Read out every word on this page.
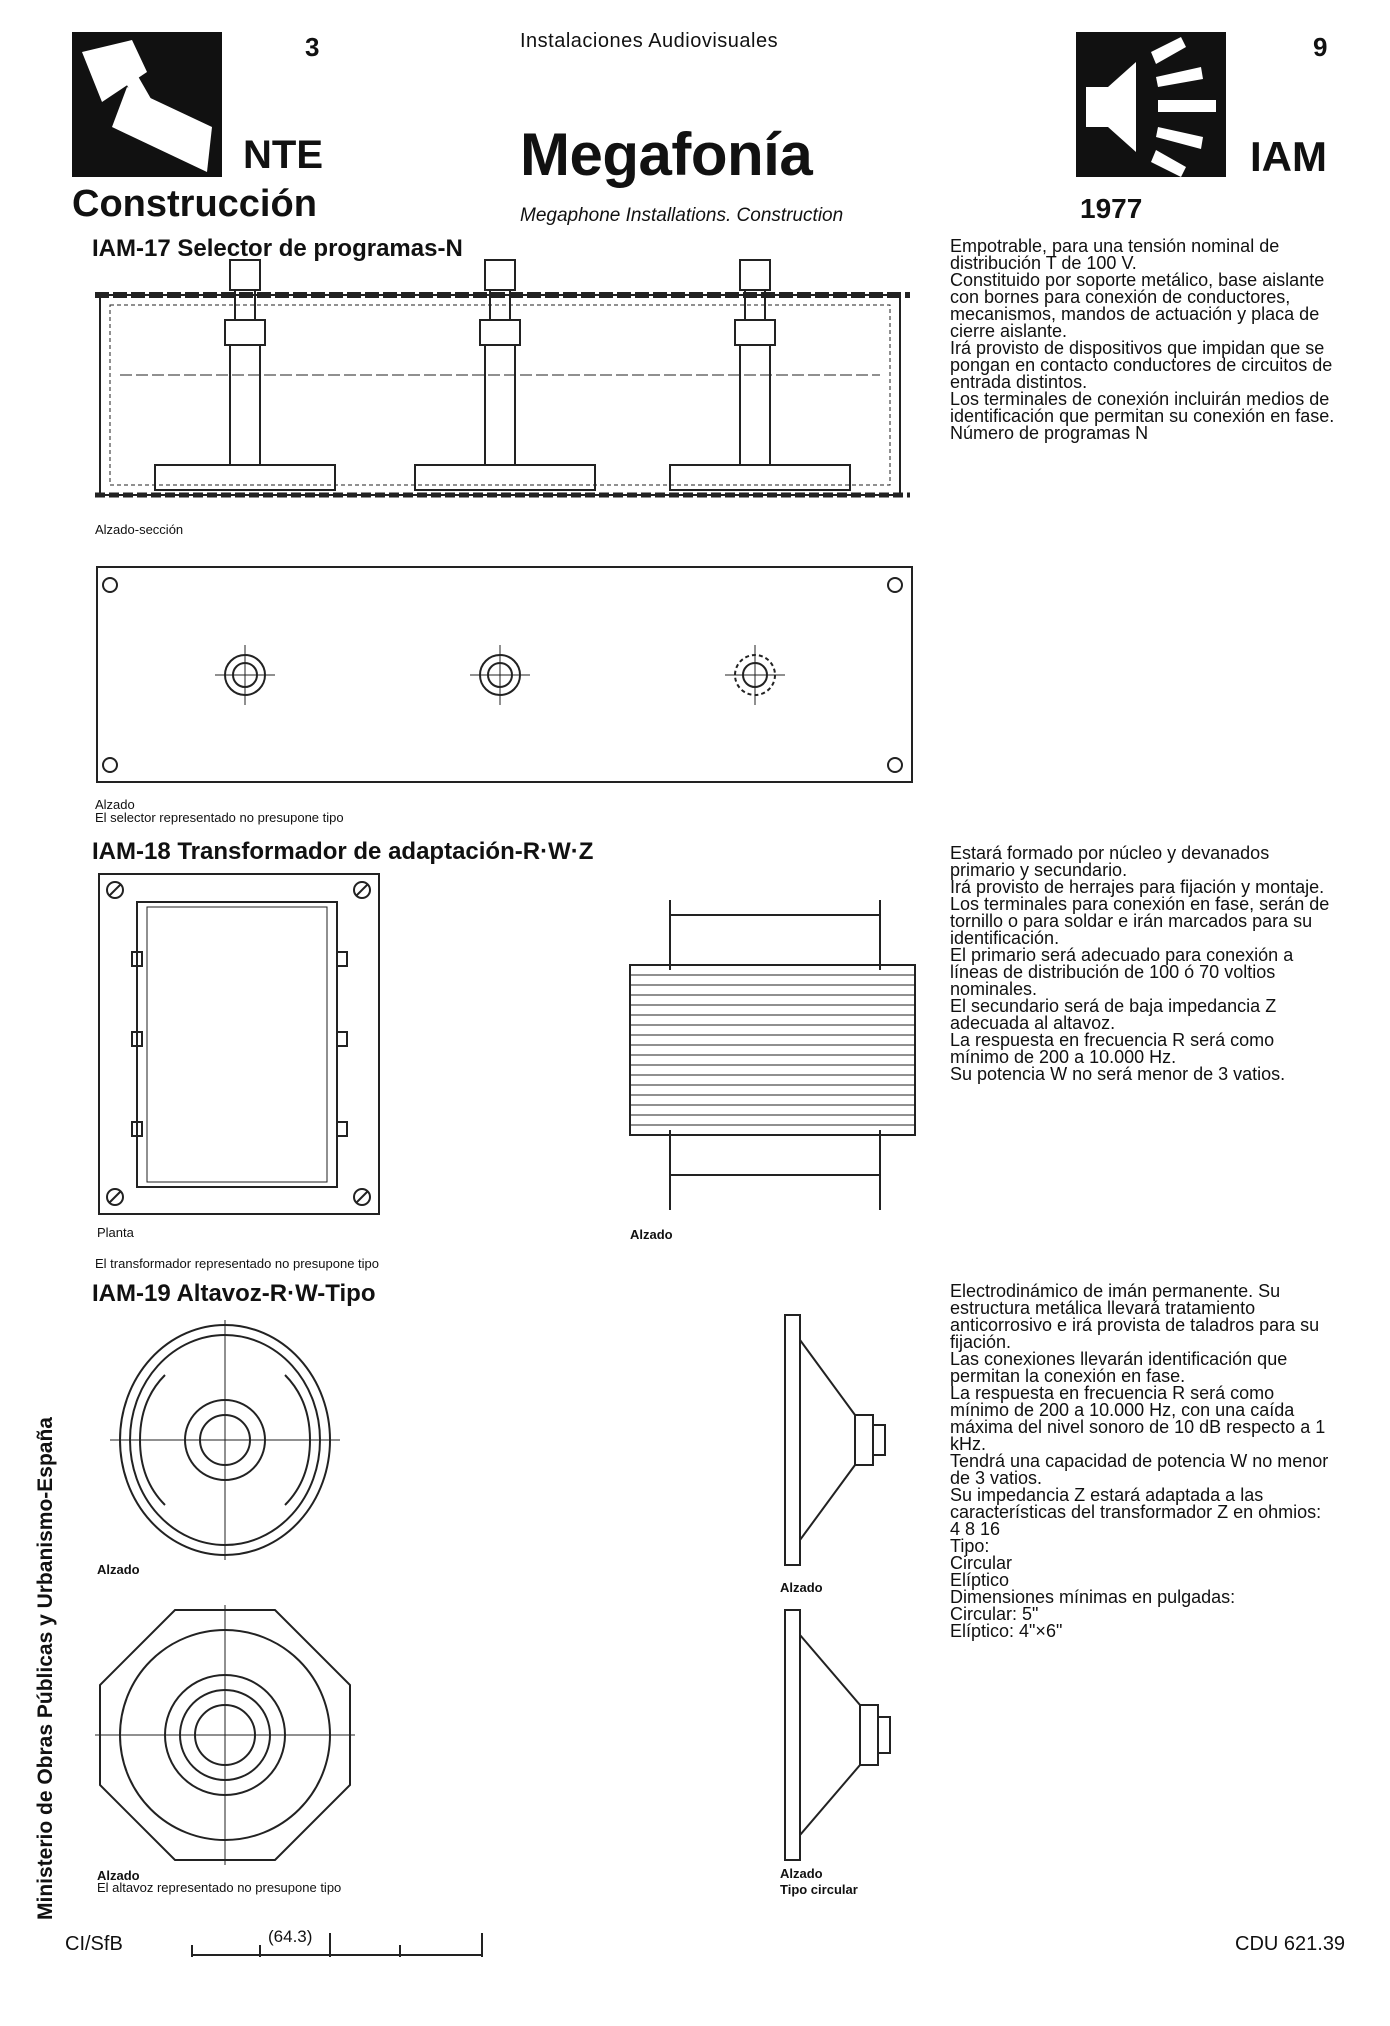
3	Instalaciones Audiovisuales	9
NTE	Megafonía	IAM
Construcción	Megaphone Installations. Construction	1977
IAM-17 Selector de programas-N
Alzado-sección
Alzado
El selector representado no presupone tipo

Empotrable, para una tensión nominal de distribución T de 100 V.

Constituido por soporte metálico, base aislante con bornes para conexión de conductores, mecanismos, mandos de actuación y placa de cierre aislante.

Irá provisto de dispositivos que impidan que se pongan en contacto conductores de circuitos de entrada distintos.

Los terminales de conexión incluirán medios de identificación que permitan su conexión en fase.

Número de programas N

IAM-18 Transformador de adaptación-R·W·Z
Planta
El transformador representado no presupone tipo
Alzado

Estará formado por núcleo y devanados primario y secundario.

Irá provisto de herrajes para fijación y montaje.

Los terminales para conexión en fase, serán de tornillo o para soldar e irán marcados para su identificación.

El primario será adecuado para conexión a líneas de distribución de 100 ó 70 voltios nominales.

El secundario será de baja impedancia Z adecuada al altavoz.

La respuesta en frecuencia R será como mínimo de 200 a 10.000 Hz.

Su potencia W no será menor de 3 vatios.

IAM-19 Altavoz-R·W-Tipo
Alzado
Alzado
El altavoz representado no presupone tipo
Alzado
Alzado
Tipo circular

Electrodinámico de imán permanente. Su estructura metálica llevará tratamiento anticorrosivo e irá provista de taladros para su fijación.

Las conexiones llevarán identificación que permitan la conexión en fase.

La respuesta en frecuencia R será como mínimo de 200 a 10.000 Hz, con una caída máxima del nivel sonoro de 10 dB respecto a 1 kHz.

Tendrá una capacidad de potencia W no menor de 3 vatios.

Su impedancia Z estará adaptada a las características del transformador Z en ohmios: 4 8 16

Tipo:

Circular

Elíptico

Dimensiones mínimas en pulgadas:

Circular: 5"

Elíptico: 4"×6"

Ministerio de Obras Públicas y Urbanismo-España
CI/SfB	(64.3)	CDU 621.39
